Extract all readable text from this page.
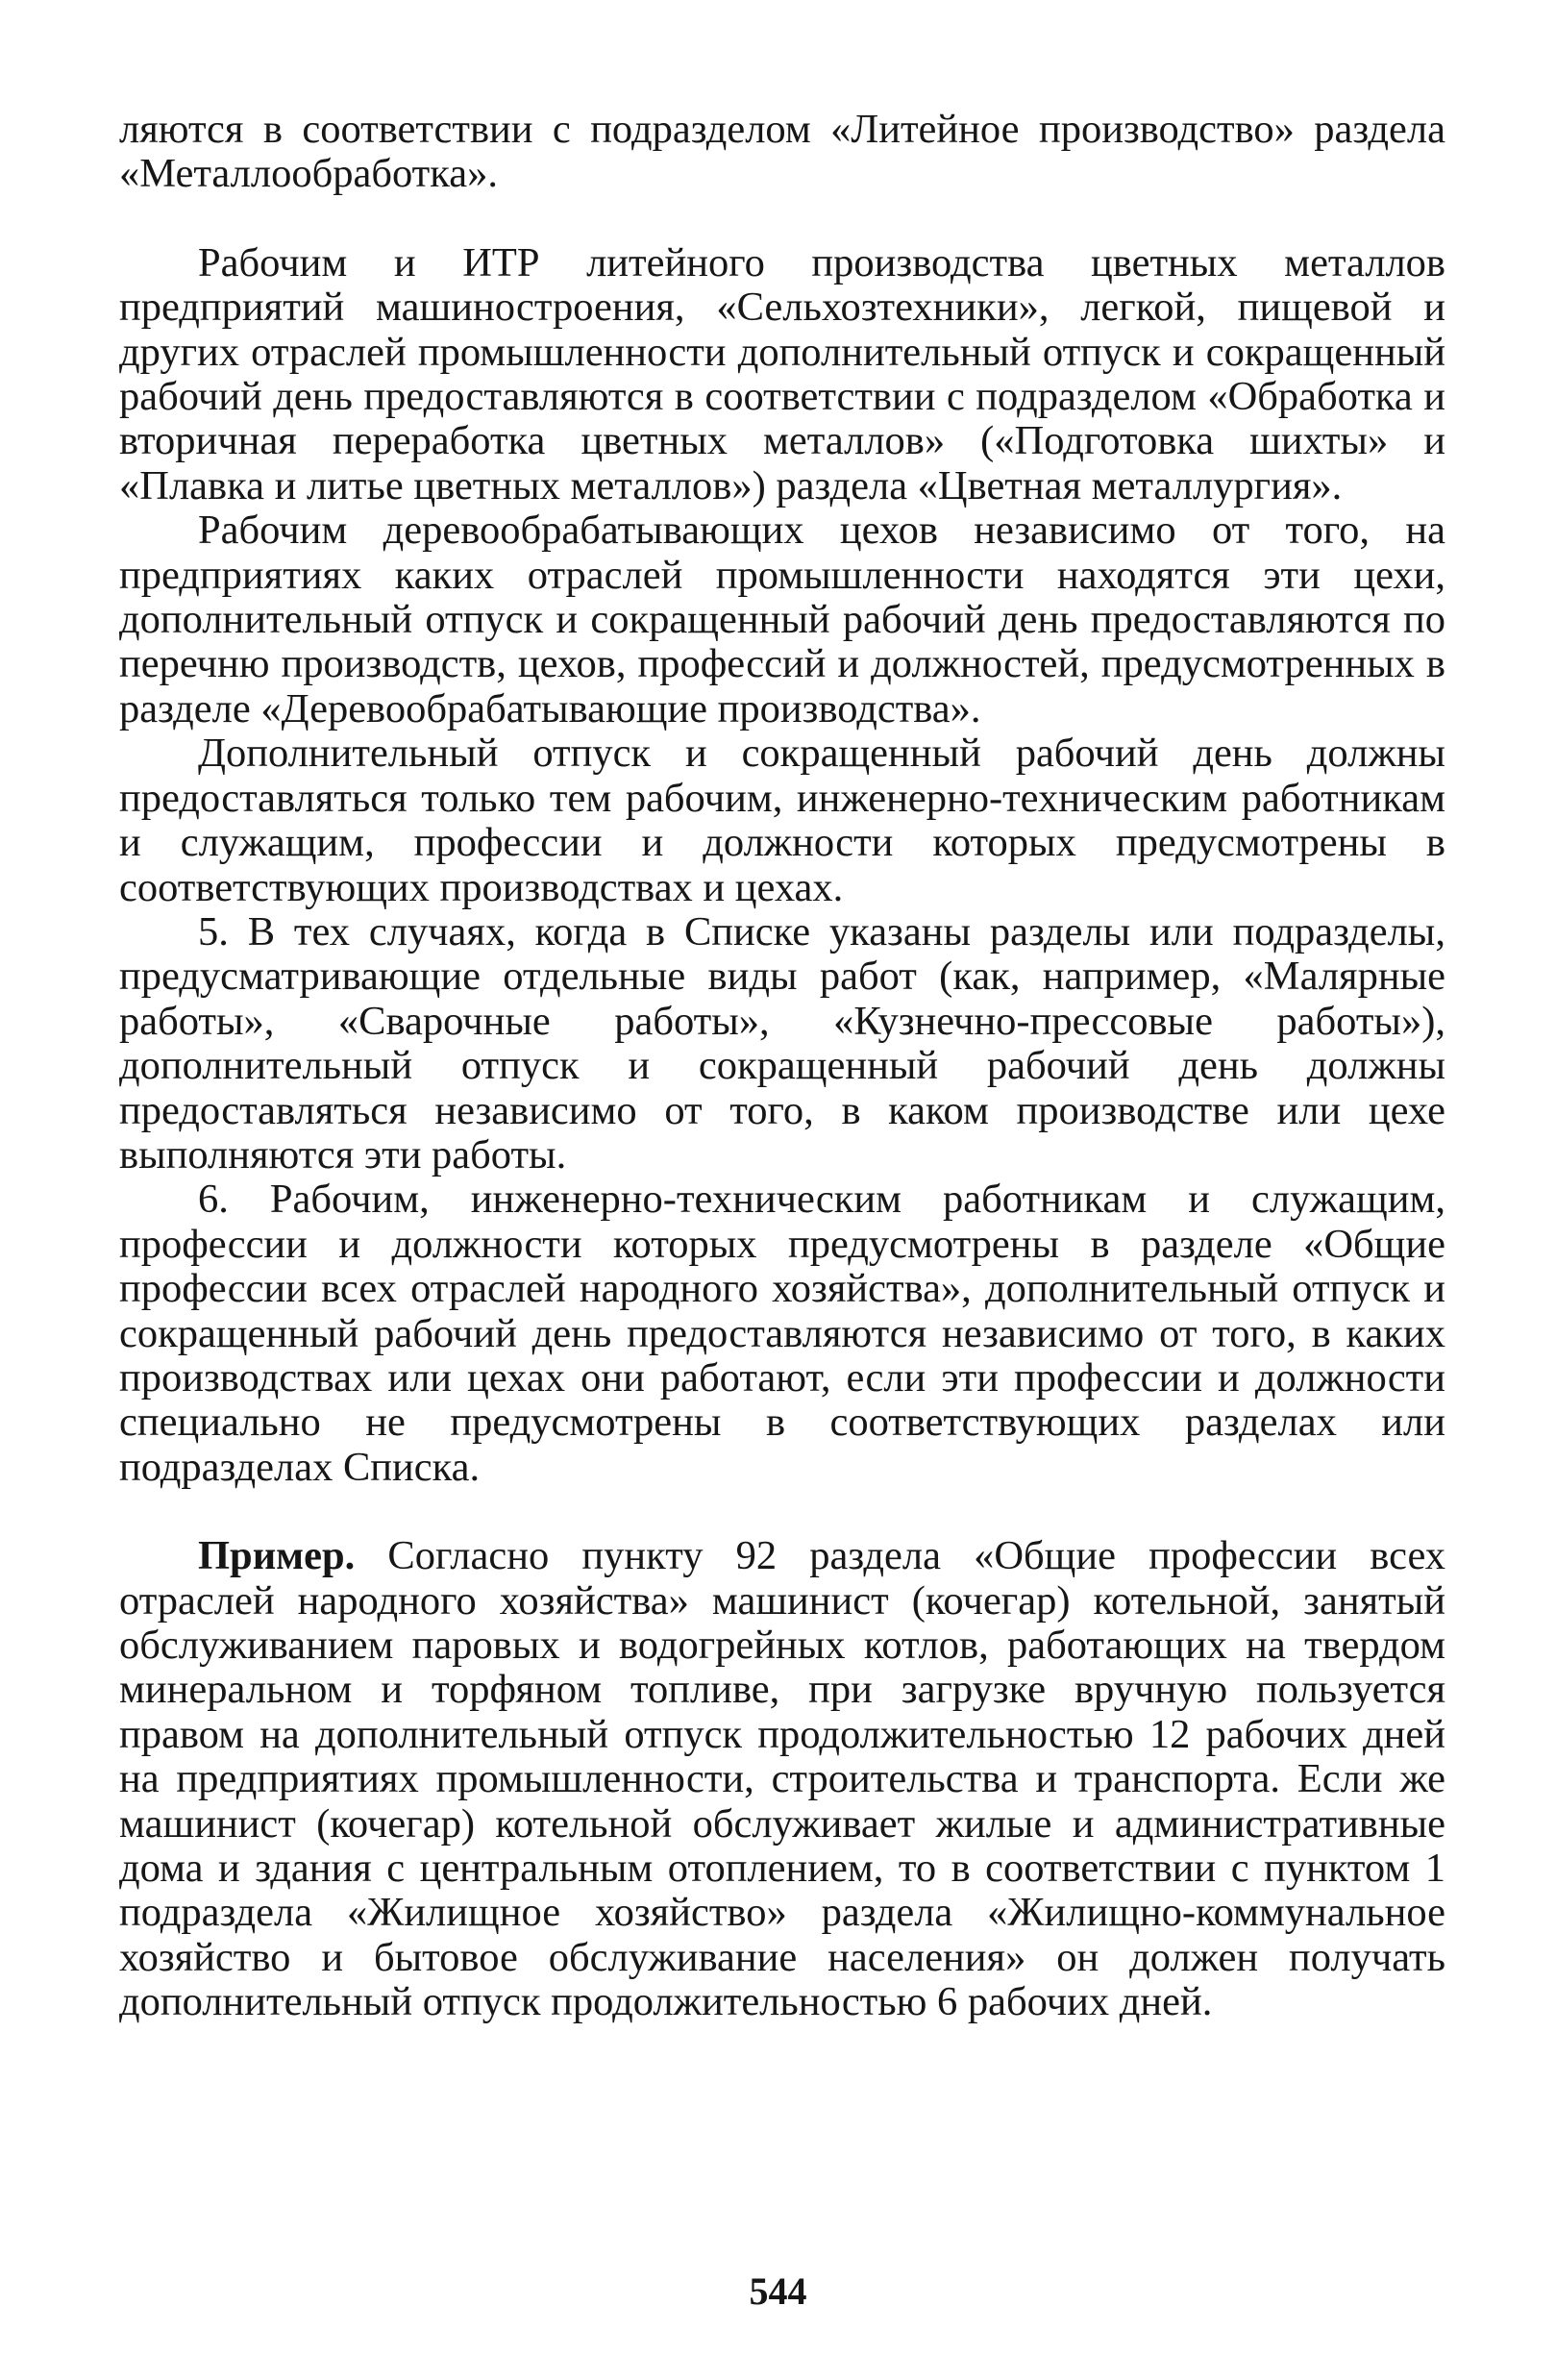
ляются в соответствии с подразделом «Литейное производство» раздела «Металлообработка».

Рабочим и ИТР литейного производства цветных металлов предприятий машиностроения, «Сельхозтехники», легкой, пищевой и других отраслей промышленности дополнительный отпуск и сокращенный рабочий день предоставляются в соответствии с подразделом «Обработка и вторичная переработка цветных металлов» («Подготовка шихты» и «Плавка и литье цветных металлов») раздела «Цветная металлургия».

Рабочим деревообрабатывающих цехов независимо от того, на предприятиях каких отраслей промышленности находятся эти цехи, дополнительный отпуск и сокращенный рабочий день предоставляются по перечню производств, цехов, профессий и должностей, предусмотренных в разделе «Деревообрабатывающие производства».

Дополнительный отпуск и сокращенный рабочий день должны предоставляться только тем рабочим, инженерно-техническим работникам и служащим, профессии и должности которых предусмотрены в соответствующих производствах и цехах.

5. В тех случаях, когда в Списке указаны разделы или подразделы, предусматривающие отдельные виды работ (как, например, «Малярные работы», «Сварочные работы», «Кузнечно-прессовые работы»), дополнительный отпуск и сокращенный рабочий день должны предоставляться независимо от того, в каком производстве или цехе выполняются эти работы.

6. Рабочим, инженерно-техническим работникам и служащим, профессии и должности которых предусмотрены в разделе «Общие профессии всех отраслей народного хозяйства», дополнительный отпуск и сокращенный рабочий день предоставляются независимо от того, в каких производствах или цехах они работают, если эти профессии и должности специально не предусмотрены в соответствующих разделах или подразделах Списка.

Пример. Согласно пункту 92 раздела «Общие профессии всех отраслей народного хозяйства» машинист (кочегар) котельной, занятый обслуживанием паровых и водогрейных котлов, работающих на твердом минеральном и торфяном топливе, при загрузке вручную пользуется правом на дополнительный отпуск продолжительностью 12 рабочих дней на предприятиях промышленности, строительства и транспорта. Если же машинист (кочегар) котельной обслуживает жилые и административные дома и здания с центральным отоплением, то в соответствии с пунктом 1 подраздела «Жилищное хозяйство» раздела «Жилищно-коммунальное хозяйство и бытовое обслуживание населения» он должен получать дополнительный отпуск продолжительностью 6 рабочих дней.

544
